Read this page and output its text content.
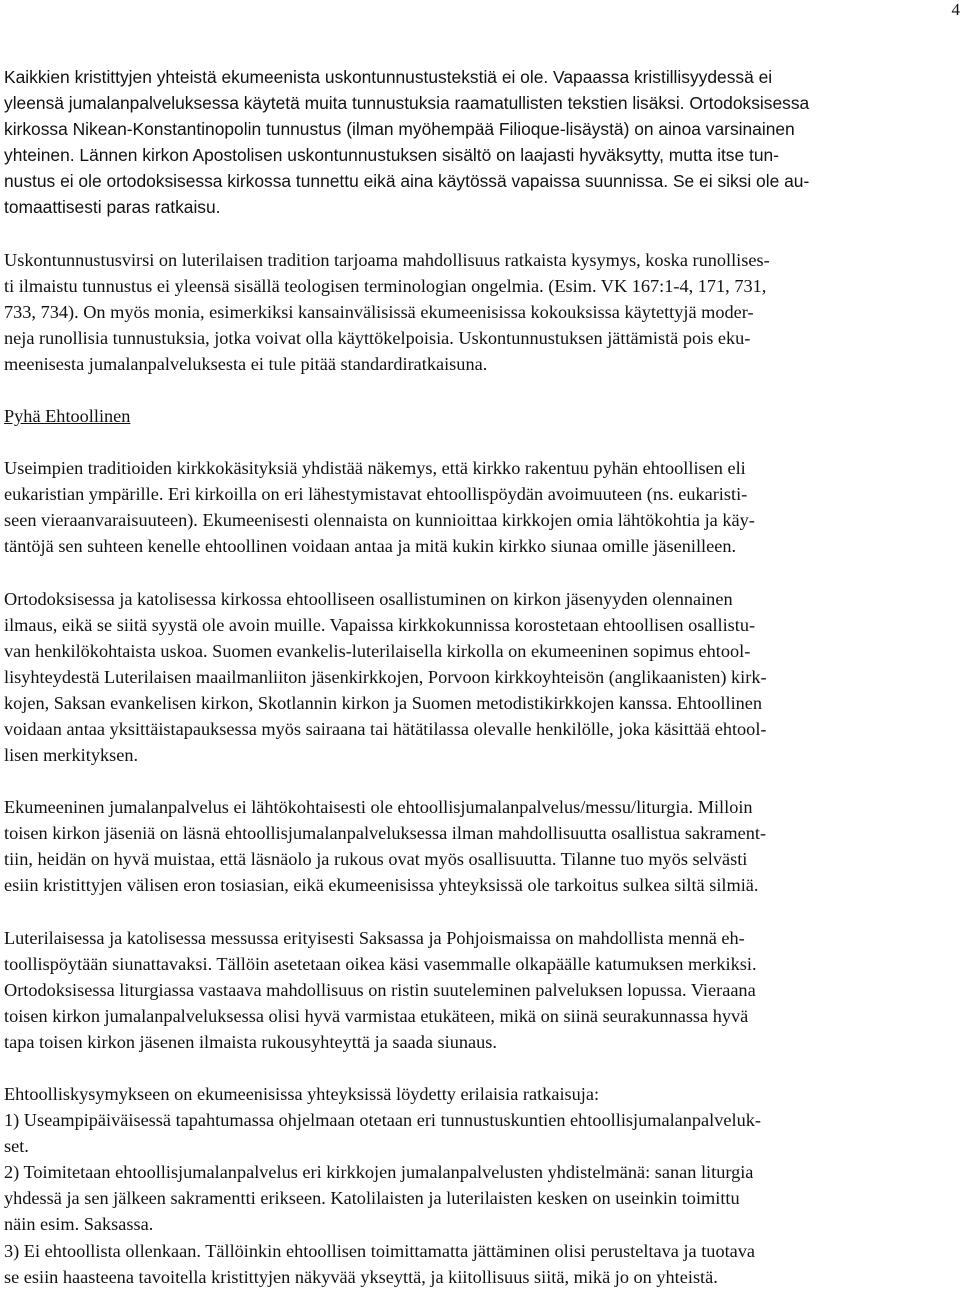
4
Kaikkien kristittyjen yhteistä ekumeenista uskontunnustustekstiä ei ole. Vapaassa kristillisyydessä ei
yleensä jumalanpalveluksessa käytetä muita tunnustuksia raamatullisten tekstien lisäksi. Ortodoksisessa
kirkossa Nikean-Konstantinopolin tunnustus (ilman myöhempää Filioque-lisäystä) on ainoa varsinainen
yhteinen. Lännen kirkon Apostolisen uskontunnustuksen sisältö on laajasti hyväksytty, mutta itse tun-
nustus ei ole ortodoksisessa kirkossa tunnettu eikä aina käytössä vapaissa suunnissa. Se ei siksi ole au-
tomaattisesti paras ratkaisu.
Uskontunnustusvirsi on luterilaisen tradition tarjoama mahdollisuus ratkaista kysymys, koska runollises-
ti ilmaistu tunnustus ei yleensä sisällä teologisen terminologian ongelmia. (Esim. VK 167:1-4, 171, 731,
733, 734). On myös monia, esimerkiksi kansainvälisissä ekumeenisissa kokouksissa käytettyjä moder-
neja runollisia tunnustuksia, jotka voivat olla käyttökelpoisia. Uskontunnustuksen jättämistä pois eku-
meenisesta jumalanpalveluksesta ei tule pitää standardiratkaisuna.
Pyhä Ehtoollinen
Useimpien traditioiden kirkkokäsityksiä yhdistää näkemys, että kirkko rakentuu pyhän ehtoollisen eli
eukaristian ympärille. Eri kirkoilla on eri lähestymistavat ehtoollispöydän avoimuuteen (ns. eukaristi-
seen vieraanvaraisuuteen). Ekumeenisesti olennaista on kunnioittaa kirkkojen omia lähtökohtia ja käy-
täntöjä sen suhteen kenelle ehtoollinen voidaan antaa ja mitä kukin kirkko siunaa omille jäsenilleen.
Ortodoksisessa ja katolisessa kirkossa ehtoolliseen osallistuminen on kirkon jäsenyyden olennainen
ilmaus, eikä se siitä syystä ole avoin muille. Vapaissa kirkkokunnissa korostetaan ehtoollisen osallistu-
van henkilökohtaista uskoa. Suomen evankelis-luterilaisella kirkolla on ekumeeninen sopimus ehtool-
lisyhteydestä Luterilaisen maailmanliiton jäsenkirkkojen, Porvoon kirkkoyhteisön (anglikaanisten) kirk-
kojen, Saksan evankelisen kirkon, Skotlannin kirkon ja Suomen metodistikirkkojen kanssa. Ehtoollinen
voidaan antaa yksittäistapauksessa myös sairaana tai hätätilassa olevalle henkilölle, joka käsittää ehtool-
lisen merkityksen.
Ekumeeninen jumalanpalvelus ei lähtökohtaisesti ole ehtoollisjumalanpalvelus/messu/liturgia. Milloin
toisen kirkon jäseniä on läsnä ehtoollisjumalanpalveluksessa ilman mahdollisuutta osallistua sakrament-
tiin, heidän on hyvä muistaa, että läsnäolo ja rukous ovat myös osallisuutta. Tilanne tuo myös selvästi
esiin kristittyjen välisen eron tosiasian, eikä ekumeenisissa yhteyksissä ole tarkoitus sulkea siltä silmiä.
Luterilaisessa ja katolisessa messussa erityisesti Saksassa ja Pohjoismaissa on mahdollista mennä eh-
toollispöytään siunattavaksi. Tällöin asetetaan oikea käsi vasemmalle olkapäälle katumuksen merkiksi.
Ortodoksisessa liturgiassa vastaava mahdollisuus on ristin suuteleminen palveluksen lopussa. Vieraana
toisen kirkon jumalanpalveluksessa olisi hyvä varmistaa etukäteen, mikä on siinä seurakunnassa hyvä
tapa toisen kirkon jäsenen ilmaista rukousyhteyttä ja saada siunaus.
Ehtoolliskysymykseen on ekumeenisissa yhteyksissä löydetty erilaisia ratkaisuja:
1) Useampipäiväisessä tapahtumassa ohjelmaan otetaan eri tunnustuskuntien ehtoollisjumalanpalveluk-
set.
2) Toimitetaan ehtoollisjumalanpalvelus eri kirkkojen jumalanpalvelusten yhdistelmänä: sanan liturgia
yhdessä ja sen jälkeen sakramentti erikseen. Katolilaisten ja luterilaisten kesken on useinkin toimittu
näin esim. Saksassa.
3) Ei ehtoollista ollenkaan. Tällöinkin ehtoollisen toimittamatta jättäminen olisi perusteltava ja tuotava
se esiin haasteena tavoitella kristittyjen näkyvää ykseyttä, ja kiitollisuus siitä, mikä jo on yhteistä.
